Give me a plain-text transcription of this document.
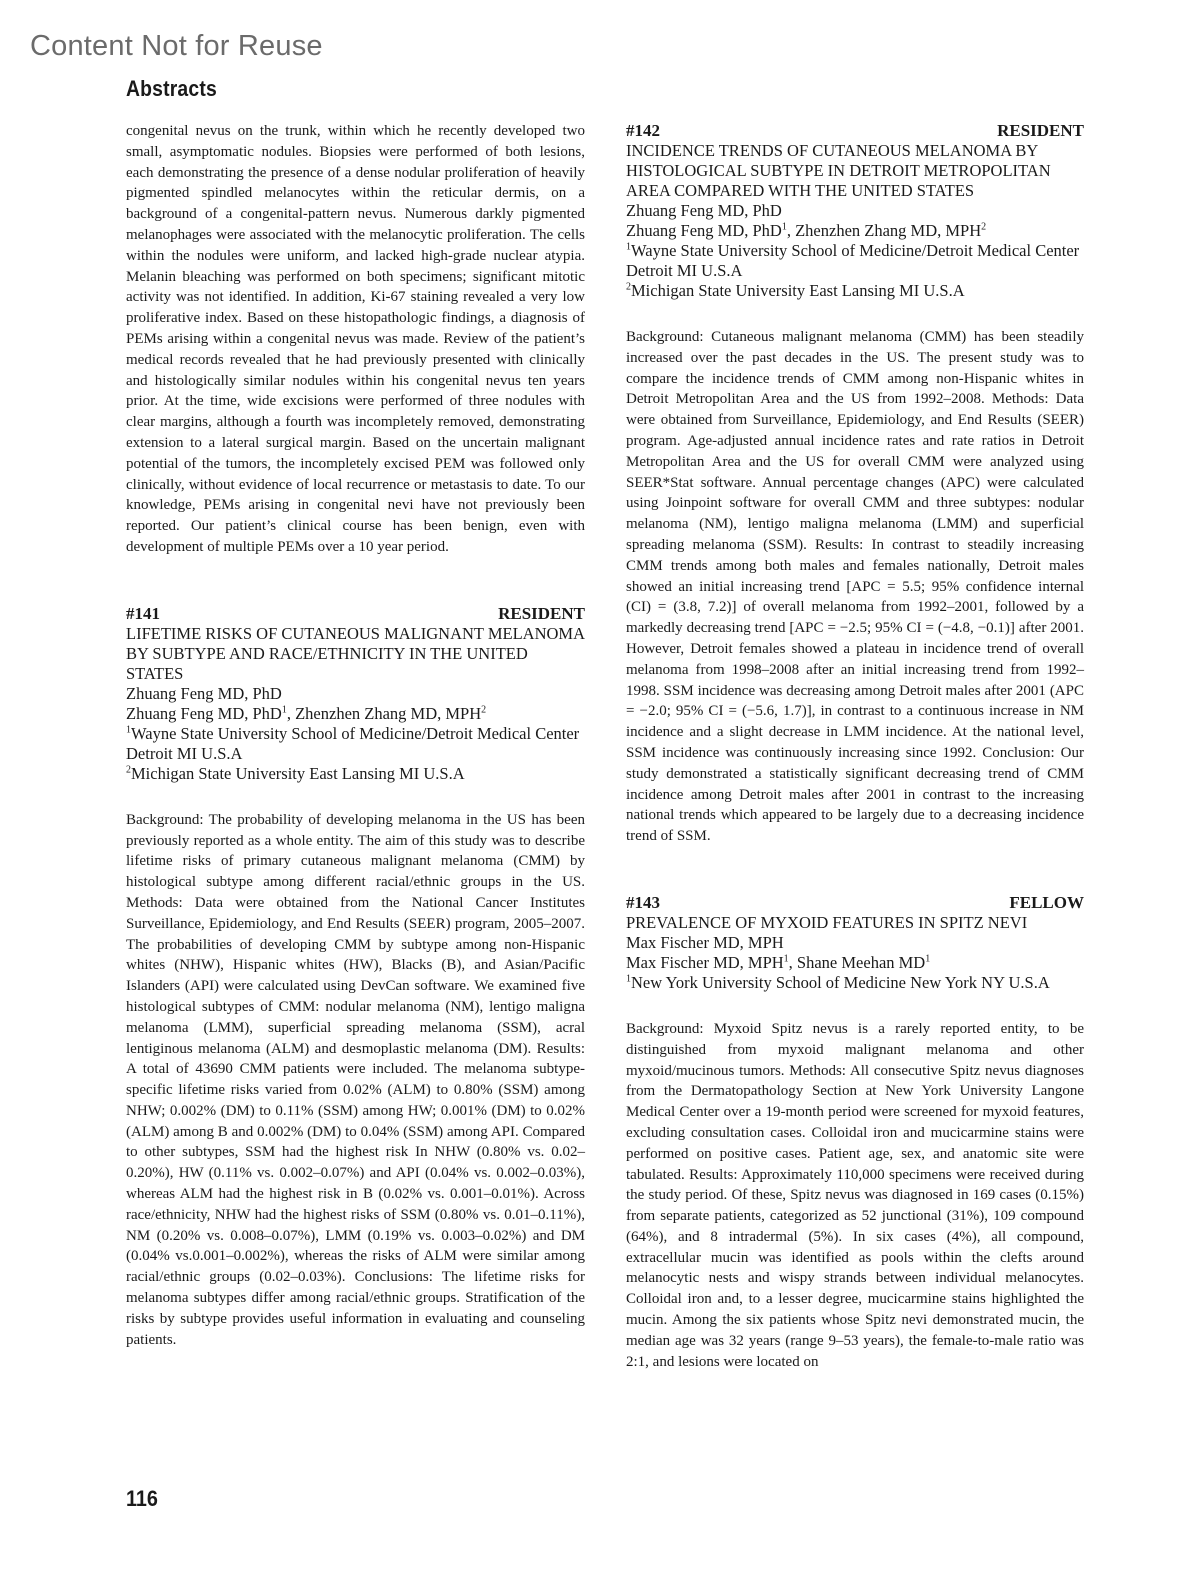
Content Not for Reuse
Abstracts

congenital nevus on the trunk, within which he recently developed two small, asymptomatic nodules. Biopsies were performed of both lesions, each demonstrating the presence of a dense nodular proliferation of heavily pigmented spindled melanocytes within the reticular dermis, on a background of a congenital-pattern nevus. Numerous darkly pigmented melanophages were associated with the melanocytic proliferation. The cells within the nodules were uniform, and lacked high-grade nuclear atypia. Melanin bleaching was performed on both specimens; significant mitotic activity was not identified. In addition, Ki-67 staining revealed a very low proliferative index. Based on these histopathologic findings, a diagnosis of PEMs arising within a congenital nevus was made. Review of the patient’s medical records revealed that he had previously presented with clinically and histologically similar nodules within his congenital nevus ten years prior. At the time, wide excisions were performed of three nodules with clear margins, although a fourth was incompletely removed, demonstrating extension to a lateral surgical margin. Based on the uncertain malignant potential of the tumors, the incompletely excised PEM was followed only clinically, without evidence of local recurrence or metastasis to date. To our knowledge, PEMs arising in congenital nevi have not previously been reported. Our patient’s clinical course has been benign, even with development of multiple PEMs over a 10 year period.

#141	RESIDENT
LIFETIME RISKS OF CUTANEOUS MALIGNANT MELANOMA BY SUBTYPE AND RACE/ETHNICITY IN THE UNITED STATES
Zhuang Feng MD, PhD
Zhuang Feng MD, PhD$^1$, Zhenzhen Zhang MD, MPH$^2$
$^1$Wayne State University School of Medicine/Detroit Medical Center Detroit MI U.S.A
$^2$Michigan State University East Lansing MI U.S.A

Background: The probability of developing melanoma in the US has been previously reported as a whole entity. The aim of this study was to describe lifetime risks of primary cutaneous malignant melanoma (CMM) by histological subtype among different racial/ethnic groups in the US. Methods: Data were obtained from the National Cancer Institutes Surveillance, Epidemiology, and End Results (SEER) program, 2005–2007. The probabilities of developing CMM by subtype among non-Hispanic whites (NHW), Hispanic whites (HW), Blacks (B), and Asian/Pacific Islanders (API) were calculated using DevCan software. We examined five histological subtypes of CMM: nodular melanoma (NM), lentigo maligna melanoma (LMM), superficial spreading melanoma (SSM), acral lentiginous melanoma (ALM) and desmoplastic melanoma (DM). Results: A total of 43690 CMM patients were included. The melanoma subtype-specific lifetime risks varied from 0.02% (ALM) to 0.80% (SSM) among NHW; 0.002% (DM) to 0.11% (SSM) among HW; 0.001% (DM) to 0.02% (ALM) among B and 0.002% (DM) to 0.04% (SSM) among API. Compared to other subtypes, SSM had the highest risk In NHW (0.80% vs. 0.02–0.20%), HW (0.11% vs. 0.002–0.07%) and API (0.04% vs. 0.002–0.03%), whereas ALM had the highest risk in B (0.02% vs. 0.001–0.01%). Across race/ethnicity, NHW had the highest risks of SSM (0.80% vs. 0.01–0.11%), NM (0.20% vs. 0.008–0.07%), LMM (0.19% vs. 0.003–0.02%) and DM (0.04% vs.0.001–0.002%), whereas the risks of ALM were similar among racial/ethnic groups (0.02–0.03%). Conclusions: The lifetime risks for melanoma subtypes differ among racial/ethnic groups. Stratification of the risks by subtype provides useful information in evaluating and counseling patients.

#142	RESIDENT
INCIDENCE TRENDS OF CUTANEOUS MELANOMA BY HISTOLOGICAL SUBTYPE IN DETROIT METROPOLITAN AREA COMPARED WITH THE UNITED STATES
Zhuang Feng MD, PhD
Zhuang Feng MD, PhD$^1$, Zhenzhen Zhang MD, MPH$^2$
$^1$Wayne State University School of Medicine/Detroit Medical Center Detroit MI U.S.A
$^2$Michigan State University East Lansing MI U.S.A

Background: Cutaneous malignant melanoma (CMM) has been steadily increased over the past decades in the US. The present study was to compare the incidence trends of CMM among non-Hispanic whites in Detroit Metropolitan Area and the US from 1992–2008. Methods: Data were obtained from Surveillance, Epidemiology, and End Results (SEER) program. Age-adjusted annual incidence rates and rate ratios in Detroit Metropolitan Area and the US for overall CMM were analyzed using SEER*Stat software. Annual percentage changes (APC) were calculated using Joinpoint software for overall CMM and three subtypes: nodular melanoma (NM), lentigo maligna melanoma (LMM) and superficial spreading melanoma (SSM). Results: In contrast to steadily increasing CMM trends among both males and females nationally, Detroit males showed an initial increasing trend [APC = 5.5; 95% confidence internal (CI) = (3.8, 7.2)] of overall melanoma from 1992–2001, followed by a markedly decreasing trend [APC = −2.5; 95% CI = (−4.8, −0.1)] after 2001. However, Detroit females showed a plateau in incidence trend of overall melanoma from 1998–2008 after an initial increasing trend from 1992–1998. SSM incidence was decreasing among Detroit males after 2001 (APC = −2.0; 95% CI = (−5.6, 1.7)], in contrast to a continuous increase in NM incidence and a slight decrease in LMM incidence. At the national level, SSM incidence was continuously increasing since 1992. Conclusion: Our study demonstrated a statistically significant decreasing trend of CMM incidence among Detroit males after 2001 in contrast to the increasing national trends which appeared to be largely due to a decreasing incidence trend of SSM.

#143	FELLOW
PREVALENCE OF MYXOID FEATURES IN SPITZ NEVI
Max Fischer MD, MPH
Max Fischer MD, MPH$^1$, Shane Meehan $MD^1$
$^1$New York University School of Medicine New York NY U.S.A

Background: Myxoid Spitz nevus is a rarely reported entity, to be distinguished from myxoid malignant melanoma and other myxoid/mucinous tumors. Methods: All consecutive Spitz nevus diagnoses from the Dermatopathology Section at New York University Langone Medical Center over a 19-month period were screened for myxoid features, excluding consultation cases. Colloidal iron and mucicarmine stains were performed on positive cases. Patient age, sex, and anatomic site were tabulated. Results: Approximately 110,000 specimens were received during the study period. Of these, Spitz nevus was diagnosed in 169 cases (0.15%) from separate patients, categorized as 52 junctional (31%), 109 compound (64%), and 8 intradermal (5%). In six cases (4%), all compound, extracellular mucin was identified as pools within the clefts around melanocytic nests and wispy strands between individual melanocytes. Colloidal iron and, to a lesser degree, mucicarmine stains highlighted the mucin. Among the six patients whose Spitz nevi demonstrated mucin, the median age was 32 years (range 9–53 years), the female-to-male ratio was 2:1, and lesions were located on

116
